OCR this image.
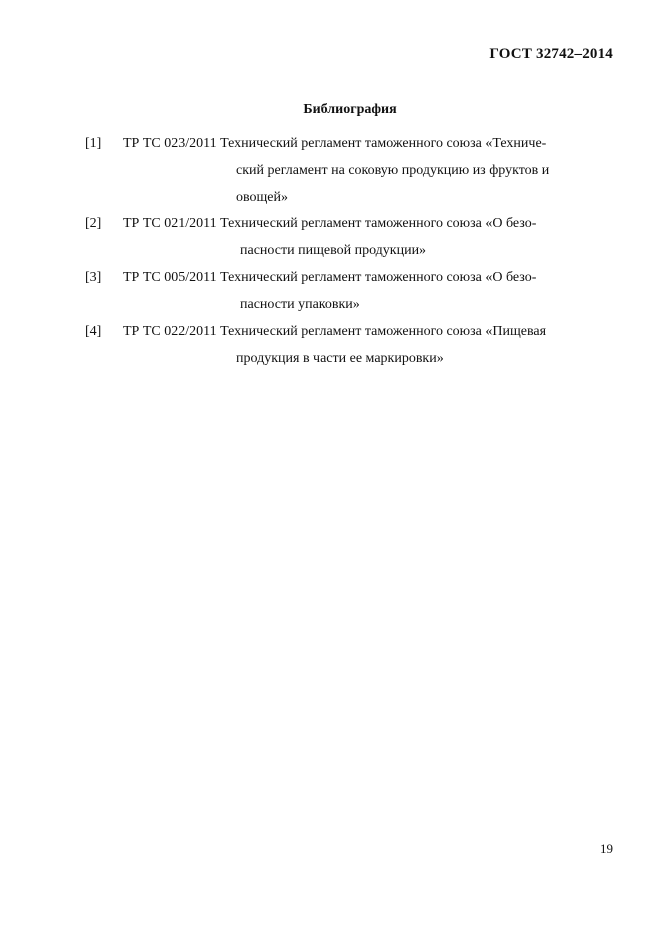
ГОСТ 32742–2014
Библиография
[1] ТР ТС 023/2011 Технический регламент таможенного союза «Техниче-
ский регламент на соковую продукцию из фруктов и
овощей»
[2] ТР ТС 021/2011 Технический регламент таможенного союза «О безо-
пасности пищевой продукции»
[3] ТР ТС 005/2011 Технический регламент таможенного союза «О безо-
пасности упаковки»
[4] ТР ТС 022/2011 Технический регламент таможенного союза «Пищевая
продукция в части ее маркировки»
19
